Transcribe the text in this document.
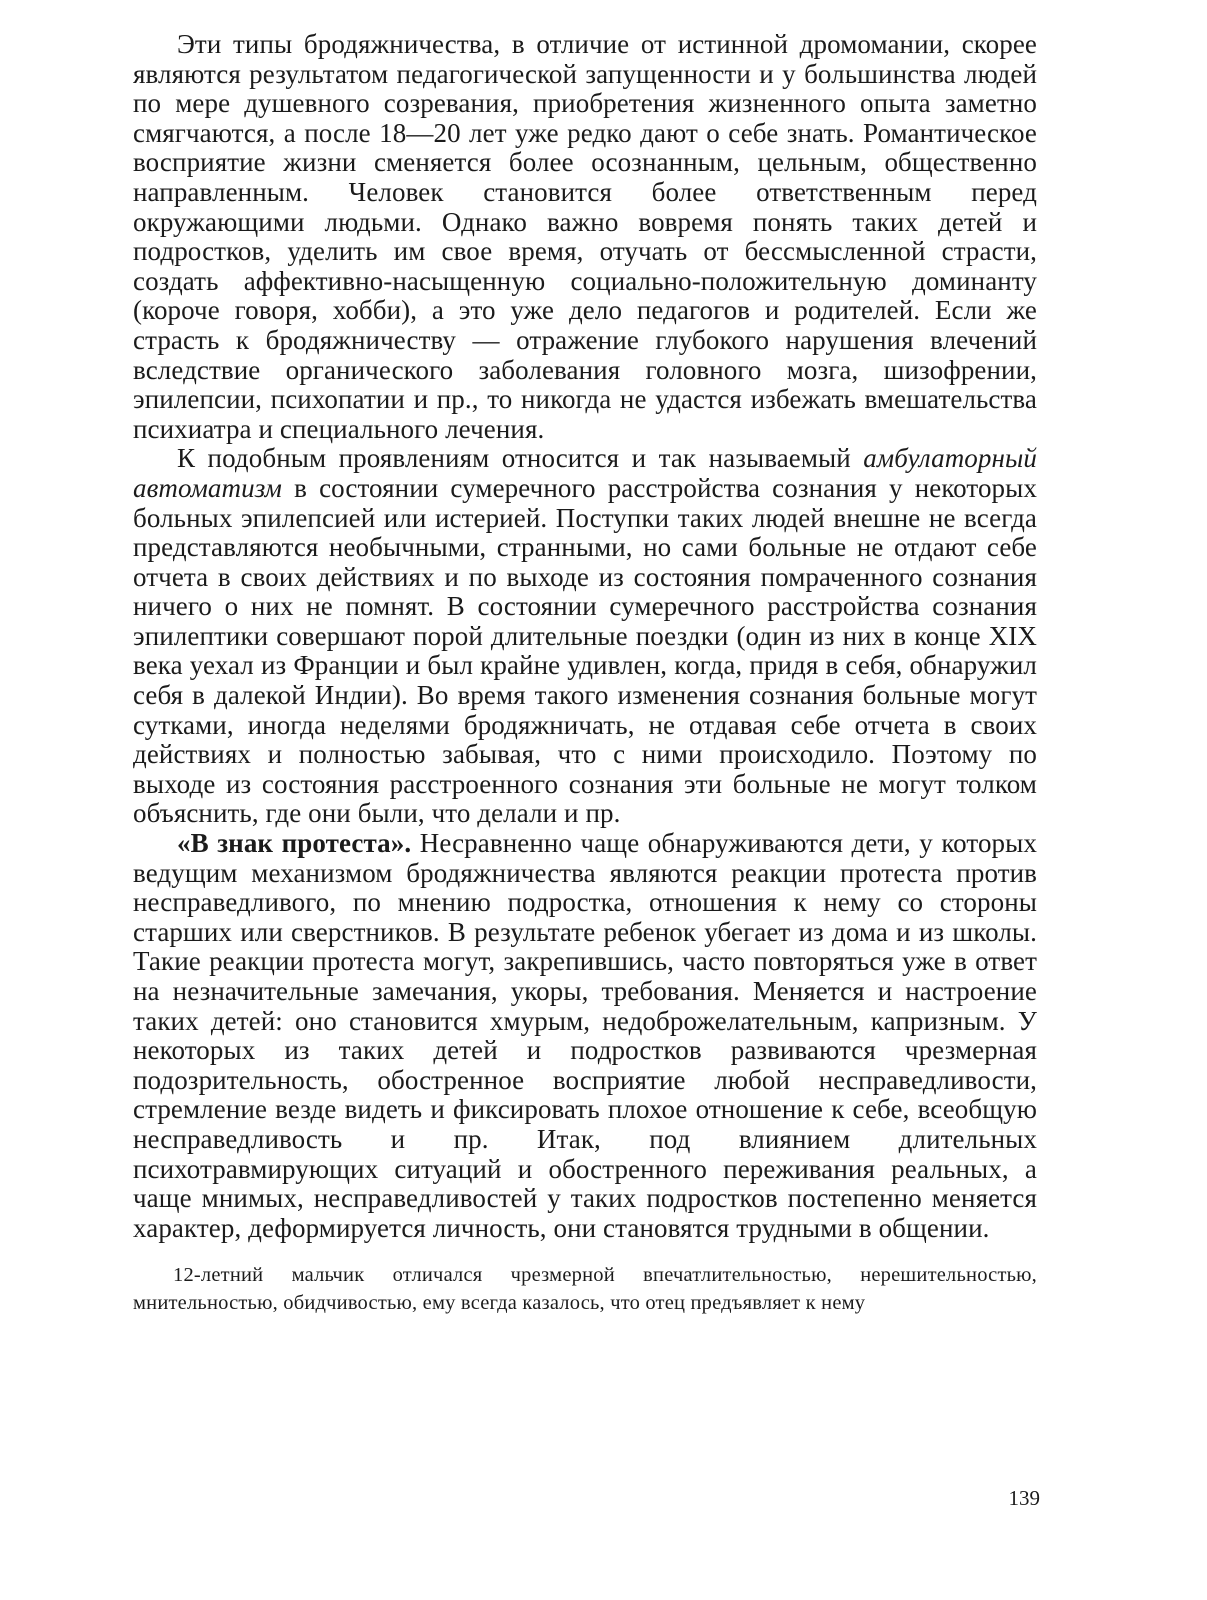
Эти типы бродяжничества, в отличие от истинной дромомании, скорее являются результатом педагогической запущенности и у большинства людей по мере душевного созревания, приобретения жизненного опыта заметно смягчаются, а после 18—20 лет уже редко дают о себе знать. Романтическое восприятие жизни сменяется более осознанным, цельным, общественно направленным. Человек становится более ответственным перед окружающими людьми. Однако важно вовремя понять таких детей и подростков, уделить им свое время, отучать от бессмысленной страсти, создать аффективно-насыщенную социально-положительную доминанту (короче говоря, хобби), а это уже дело педагогов и родителей. Если же страсть к бродяжничеству — отражение глубокого нарушения влечений вследствие органического заболевания головного мозга, шизофрении, эпилепсии, психопатии и пр., то никогда не удастся избежать вмешательства психиатра и специального лечения.

К подобным проявлениям относится и так называемый амбулаторный автоматизм в состоянии сумеречного расстройства сознания у некоторых больных эпилепсией или истерией. Поступки таких людей внешне не всегда представляются необычными, странными, но сами больные не отдают себе отчета в своих действиях и по выходе из состояния помраченного сознания ничего о них не помнят. В состоянии сумеречного расстройства сознания эпилептики совершают порой длительные поездки (один из них в конце XIX века уехал из Франции и был крайне удивлен, когда, придя в себя, обнаружил себя в далекой Индии). Во время такого изменения сознания больные могут сутками, иногда неделями бродяжничать, не отдавая себе отчета в своих действиях и полностью забывая, что с ними происходило. Поэтому по выходе из состояния расстроенного сознания эти больные не могут толком объяснить, где они были, что делали и пр.

«В знак протеста». Несравненно чаще обнаруживаются дети, у которых ведущим механизмом бродяжничества являются реакции протеста против несправедливого, по мнению подростка, отношения к нему со стороны старших или сверстников. В результате ребенок убегает из дома и из школы. Такие реакции протеста могут, закрепившись, часто повторяться уже в ответ на незначительные замечания, укоры, требования. Меняется и настроение таких детей: оно становится хмурым, недоброжелательным, капризным. У некоторых из таких детей и подростков развиваются чрезмерная подозрительность, обостренное восприятие любой несправедливости, стремление везде видеть и фиксировать плохое отношение к себе, всеобщую несправедливость и пр. Итак, под влиянием длительных психотравмирующих ситуаций и обостренного переживания реальных, а чаще мнимых, несправедливостей у таких подростков постепенно меняется характер, деформируется личность, они становятся трудными в общении.

12-летний мальчик отличался чрезмерной впечатлительностью, нерешительностью, мнительностью, обидчивостью, ему всегда казалось, что отец предъявляет к нему

139
